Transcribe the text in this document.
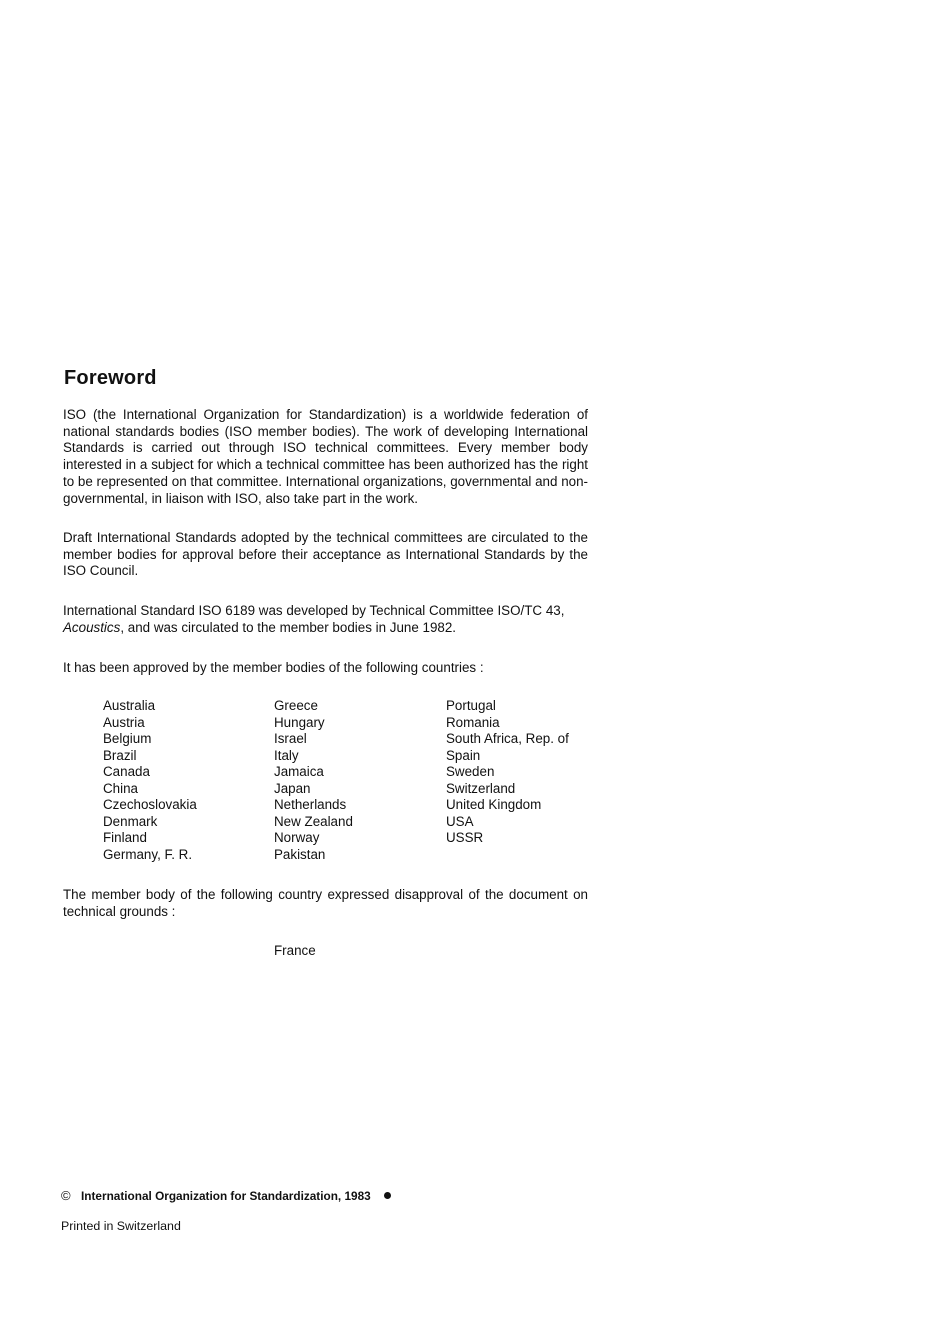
Foreword

ISO (the International Organization for Standardization) is a worldwide federation of national standards bodies (ISO member bodies). The work of developing International Standards is carried out through ISO technical committees. Every member body interested in a subject for which a technical committee has been authorized has the right to be represented on that committee. International organizations, governmental and non-governmental, in liaison with ISO, also take part in the work.

Draft International Standards adopted by the technical committees are circulated to the member bodies for approval before their acceptance as International Standards by the ISO Council.

International Standard ISO 6189 was developed by Technical Committee ISO/TC 43,
Acoustics, and was circulated to the member bodies in June 1982.

It has been approved by the member bodies of the following countries :

Australia
Austria
Belgium
Brazil
Canada
China
Czechoslovakia
Denmark
Finland
Germany, F. R.
Greece
Hungary
Israel
Italy
Jamaica
Japan
Netherlands
New Zealand
Norway
Pakistan
Portugal
Romania
South Africa, Rep. of
Spain
Sweden
Switzerland
United Kingdom
USA
USSR

The member body of the following country expressed disapproval of the document on technical grounds :

France
© International Organization for Standardization, 1983
Printed in Switzerland
